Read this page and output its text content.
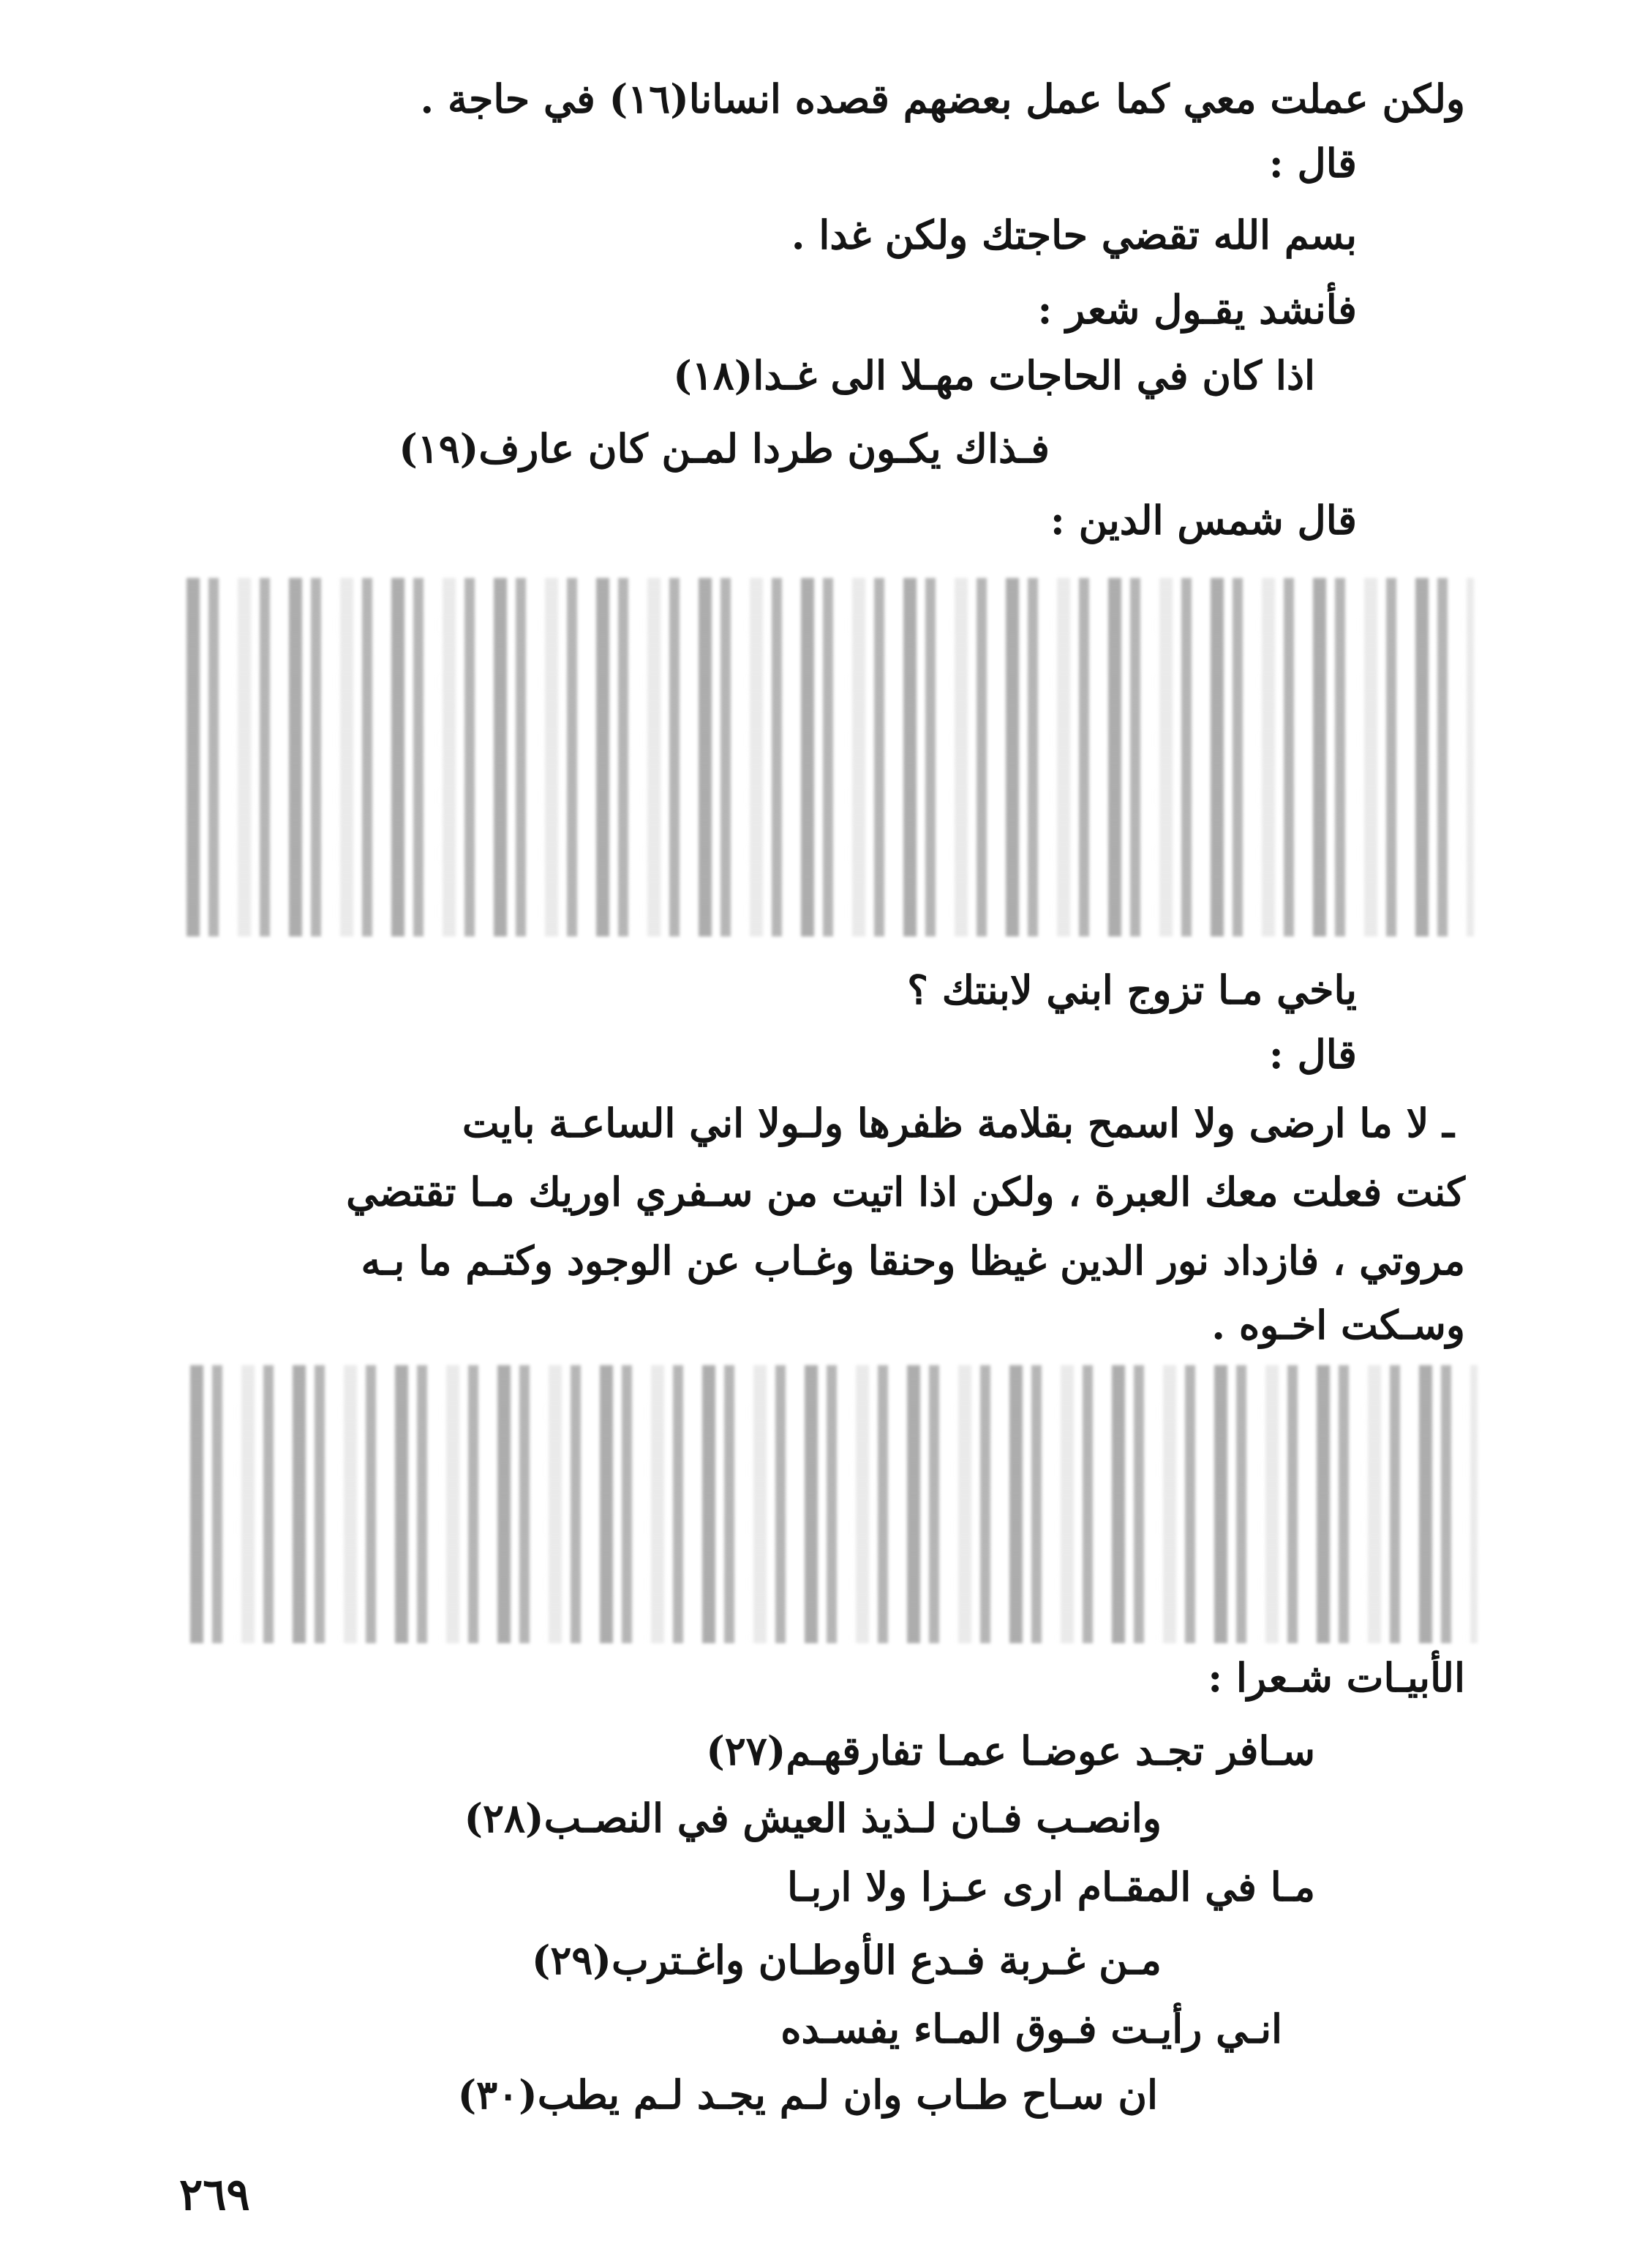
ولكن عملت معي كما عمل بعضهم قصده انسانا(١٦) في حاجة .
قال :
بسم الله تقضي حاجتك ولكن غدا .
فأنشد يقـول شعر :
اذا كان في الحاجات مهـلا الى غـدا(١٨)
فـذاك يكـون طردا لمـن كان عارف(١٩)
قال شمس الدين :
ياخي مـا تزوج ابني لابنتك ؟
قال :
ـ لا ما ارضى ولا اسمح بقلامة ظفرها ولـولا اني الساعـة بايت
كنت فعلت معك العبرة ، ولكن اذا اتيت من سـفري اوريك مـا تقتضي
مروتي ، فازداد نور الدين غيظا وحنقا وغـاب عن الوجود وكتـم ما بـه
وسـكت اخـوه .
الأبيـات شـعرا :
سـافر تجـد عوضـا عمـا تفارقهـم(٢٧)
وانصـب فـان لـذيذ العيش في النصـب(٢٨)
مـا في المقـام ارى عـزا ولا اربـا
مـن غـربة فـدع الأوطـان واغـترب(٢٩)
انـي رأيـت فـوق المـاء يفسـده
ان سـاح طـاب وان لـم يجـد لـم يطب(٣٠)
٢٦٩
